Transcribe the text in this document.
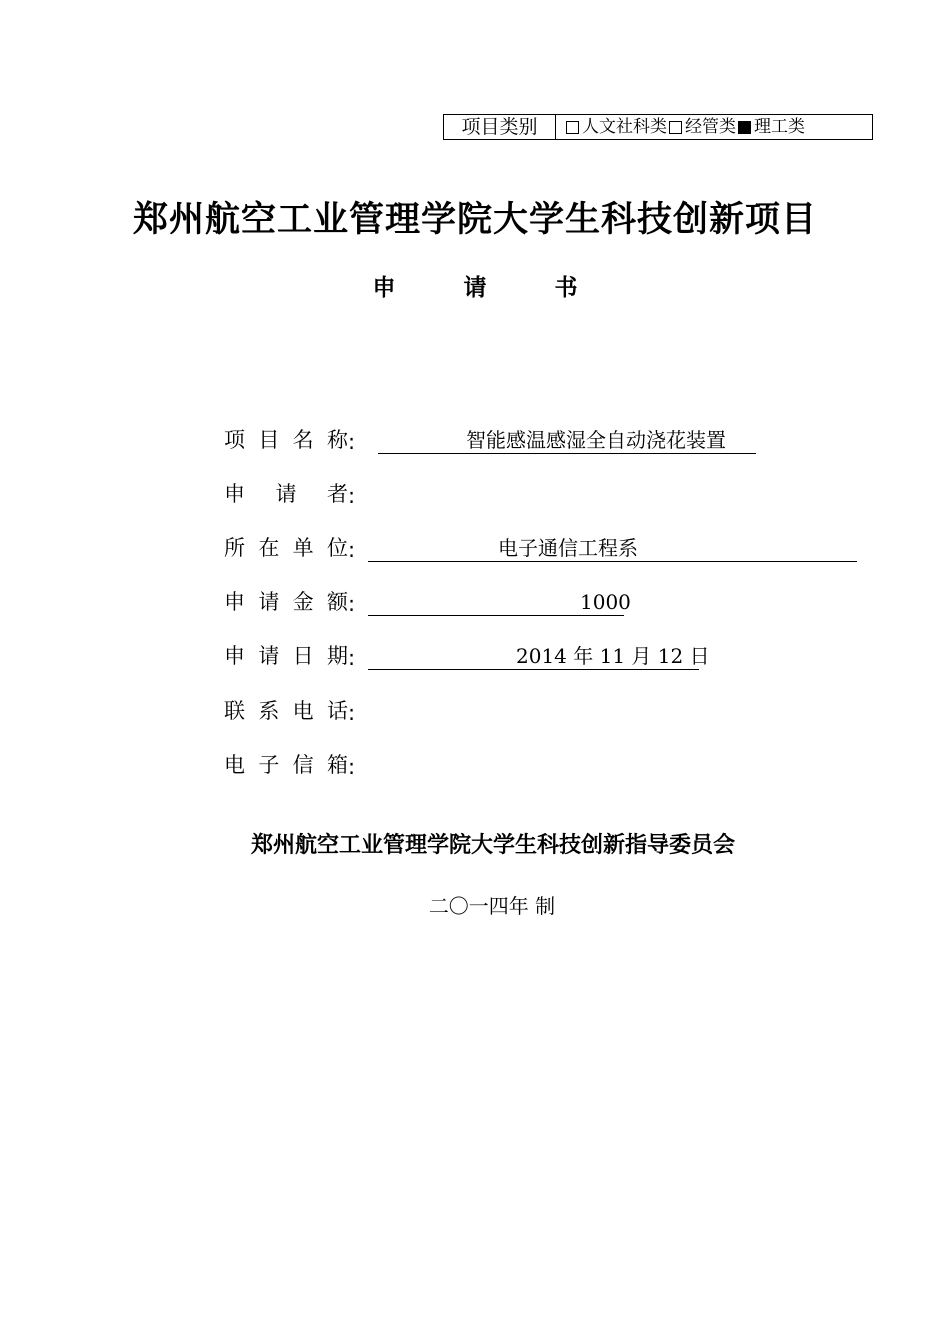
项目类别	人文社科类 经管类 理工类
郑州航空工业管理学院大学生科技创新项目
申	请	书
项 目 名 称 :	智能感温感湿全自动浇花装置
申 请 者 :
所 在 单 位 :	电子通信工程系
申 请 金 额 :	1000
申 请 日 期 :	2014 年 11 月 12 日
联 系 电 话 :
电 子 信 箱 :
郑州航空工业管理学院大学生科技创新指导委员会
二〇一四年 制
